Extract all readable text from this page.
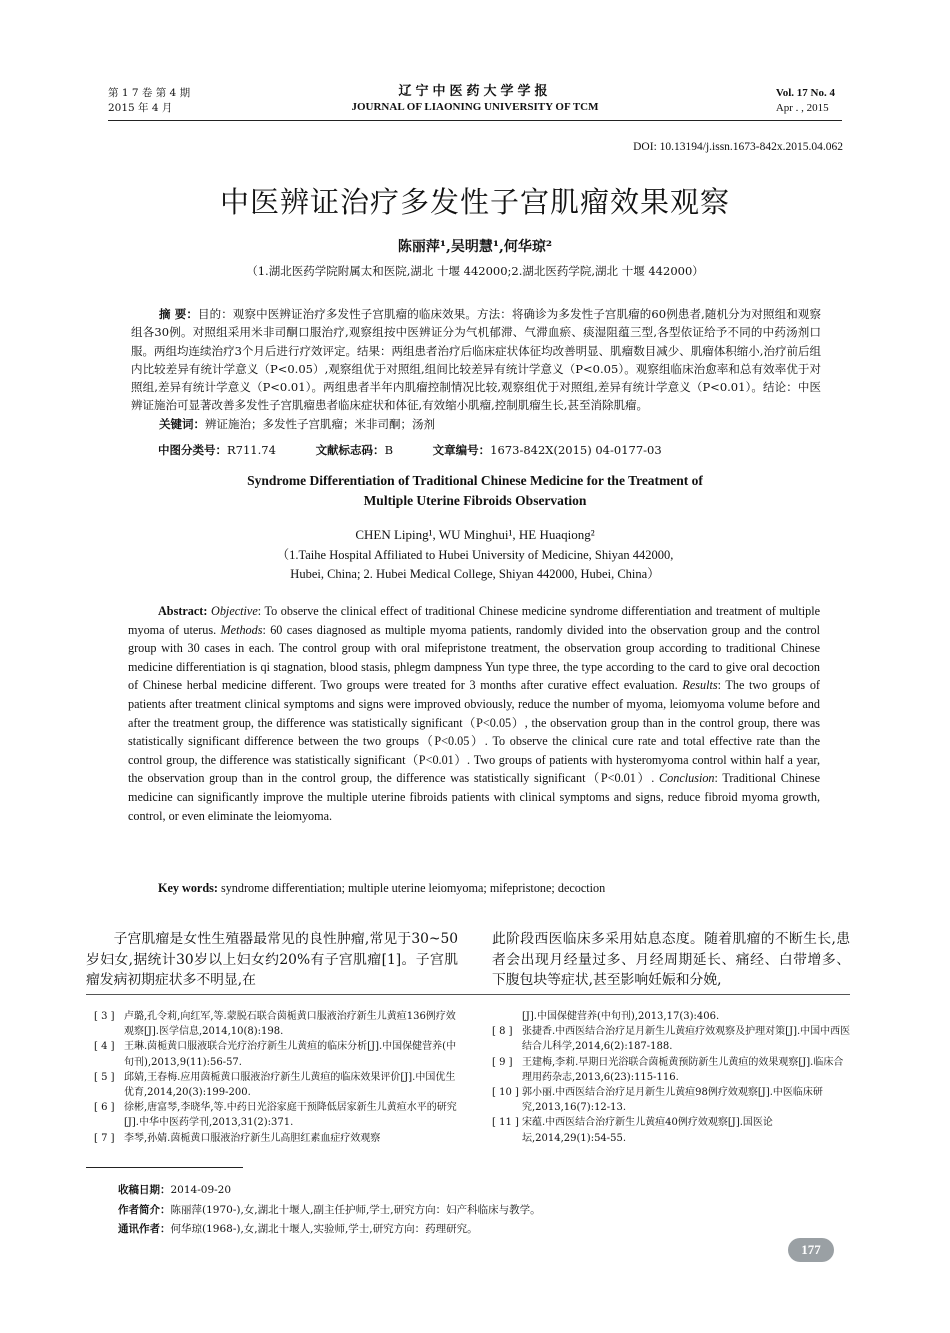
第 1 7 卷 第 4 期
2015 年 4 月
辽宁中医药大学学报
JOURNAL OF LIAONING UNIVERSITY OF TCM
Vol. 17 No. 4
Apr . , 2015
DOI: 10.13194/j.issn.1673-842x.2015.04.062
中医辨证治疗多发性子宫肌瘤效果观察
陈丽萍¹,吴明慧¹,何华琼²
（1.湖北医药学院附属太和医院,湖北 十堰 442000;2.湖北医药学院,湖北 十堰 442000）
摘 要：目的：观察中医辨证治疗多发性子宫肌瘤的临床效果。方法：将确诊为多发性子宫肌瘤的60例患者,随机分为对照组和观察组各30例。对照组采用米非司酮口服治疗,观察组按中医辨证分为气机郁滞、气滞血瘀、痰湿阻蕴三型,各型依证给予不同的中药汤剂口服。两组均连续治疗3个月后进行疗效评定。结果：两组患者治疗后临床症状体征均改善明显、肌瘤数目减少、肌瘤体积缩小,治疗前后组内比较差异有统计学意义（P<0.05）,观察组优于对照组,组间比较差异有统计学意义（P<0.05）。观察组临床治愈率和总有效率优于对照组,差异有统计学意义（P<0.01）。两组患者半年内肌瘤控制情况比较,观察组优于对照组,差异有统计学意义（P<0.01）。结论：中医辨证施治可显著改善多发性子宫肌瘤患者临床症状和体征,有效缩小肌瘤,控制肌瘤生长,甚至消除肌瘤。
关键词：辨证施治；多发性子宫肌瘤；米非司酮；汤剂
中图分类号：R711.74	文献标志码：B	文章编号：1673-842X(2015) 04-0177-03
Syndrome Differentiation of Traditional Chinese Medicine for the Treatment of Multiple Uterine Fibroids Observation
CHEN Liping¹, WU Minghui¹, HE Huaqiong²
（1.Taihe Hospital Affiliated to Hubei University of Medicine, Shiyan 442000,
Hubei, China; 2. Hubei Medical College, Shiyan 442000, Hubei, China）
Abstract: Objective: To observe the clinical effect of traditional Chinese medicine syndrome differentiation and treatment of multiple myoma of uterus. Methods: 60 cases diagnosed as multiple myoma patients, randomly divided into the observation group and the control group with 30 cases in each. The control group with oral mifepristone treatment, the observation group according to traditional Chinese medicine differentiation is qi stagnation, blood stasis, phlegm dampness Yun type three, the type according to the card to give oral decoction of Chinese herbal medicine different. Two groups were treated for 3 months after curative effect evaluation. Results: The two groups of patients after treatment clinical symptoms and signs were improved obviously, reduce the number of myoma, leiomyoma volume before and after the treatment group, the difference was statistically significant（P<0.05）, the observation group than in the control group, there was statistically significant difference between the two groups（P<0.05）. To observe the clinical cure rate and total effective rate than the control group, the difference was statistically significant（P<0.01）. Two groups of patients with hysteromyoma control within half a year, the observation group than in the control group, the difference was statistically significant（P<0.01）. Conclusion: Traditional Chinese medicine can significantly improve the multiple uterine fibroids patients with clinical symptoms and signs, reduce fibroid myoma growth, control, or even eliminate the leiomyoma.
Key words: syndrome differentiation; multiple uterine leiomyoma; mifepristone; decoction
子宫肌瘤是女性生殖器最常见的良性肿瘤,常见于30~50岁妇女,据统计30岁以上妇女约20%有子宫肌瘤[1]。子宫肌瘤发病初期症状多不明显,在
此阶段西医临床多采用姑息态度。随着肌瘤的不断生长,患者会出现月经量过多、月经周期延长、痛经、白带增多、下腹包块等症状,甚至影响妊娠和分娩,
[ 3 ] 卢璐,孔令莉,向红军,等.蒙脱石联合茵栀黄口服液治疗新生儿黄疸136例疗效观察[J].医学信息,2014,10(8):198.
[ 4 ] 王琳.茵栀黄口服液联合光疗治疗新生儿黄疸的临床分析[J].中国保健营养(中旬刊),2013,9(11):56-57.
[ 5 ] 邱婧,王春梅.应用茵栀黄口服液治疗新生儿黄疸的临床效果评价[J].中国优生优育,2014,20(3):199-200.
[ 6 ] 徐彬,唐富琴,李晓华,等.中药日光浴家庭干预降低居家新生儿黄疸水平的研究[J].中华中医药学刊,2013,31(2):371.
[ 7 ] 李琴,孙婧.茵栀黄口服液治疗新生儿高胆红素血症疗效观察
[J].中国保健营养(中旬刊),2013,17(3):406.
[ 8 ] 张捷香.中西医结合治疗足月新生儿黄疸疗效观察及护理对策[J].中国中西医结合儿科学,2014,6(2):187-188.
[ 9 ] 王建梅,李莉.早期日光浴联合茵栀黄预防新生儿黄疸的效果观察[J].临床合理用药杂志,2013,6(23):115-116.
[ 10 ] 郭小丽.中西医结合治疗足月新生儿黄疸98例疗效观察[J].中医临床研究,2013,16(7):12-13.
[ 11 ] 宋蕴.中西医结合治疗新生儿黄疸40例疗效观察[J].国医论坛,2014,29(1):54-55.
收稿日期：2014-09-20
作者简介：陈丽萍(1970-),女,湖北十堰人,副主任护师,学士,研究方向：妇产科临床与教学。
通讯作者：何华琼(1968-),女,湖北十堰人,实验师,学士,研究方向：药理研究。
177
